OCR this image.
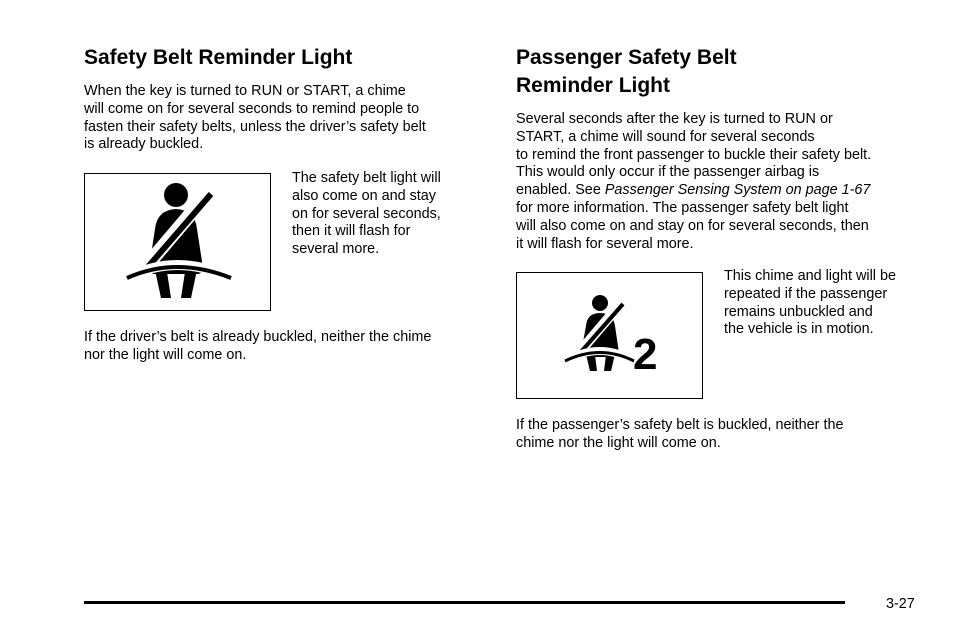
Safety Belt Reminder Light
When the key is turned to RUN or START, a chime
will come on for several seconds to remind people to
fasten their safety belts, unless the driver’s safety belt
is already buckled.
The safety belt light will
also come on and stay
on for several seconds,
then it will flash for
several more.
If the driver’s belt is already buckled, neither the chime
nor the light will come on.
Passenger Safety Belt
Reminder Light
Several seconds after the key is turned to RUN or
START, a chime will sound for several seconds
to remind the front passenger to buckle their safety belt.
This would only occur if the passenger airbag is
enabled. See Passenger Sensing System on page 1-67
for more information. The passenger safety belt light
will also come on and stay on for several seconds, then
it will flash for several more.
2
This chime and light will be
repeated if the passenger
remains unbuckled and
the vehicle is in motion.
If the passenger’s safety belt is buckled, neither the
chime nor the light will come on.
3-27
